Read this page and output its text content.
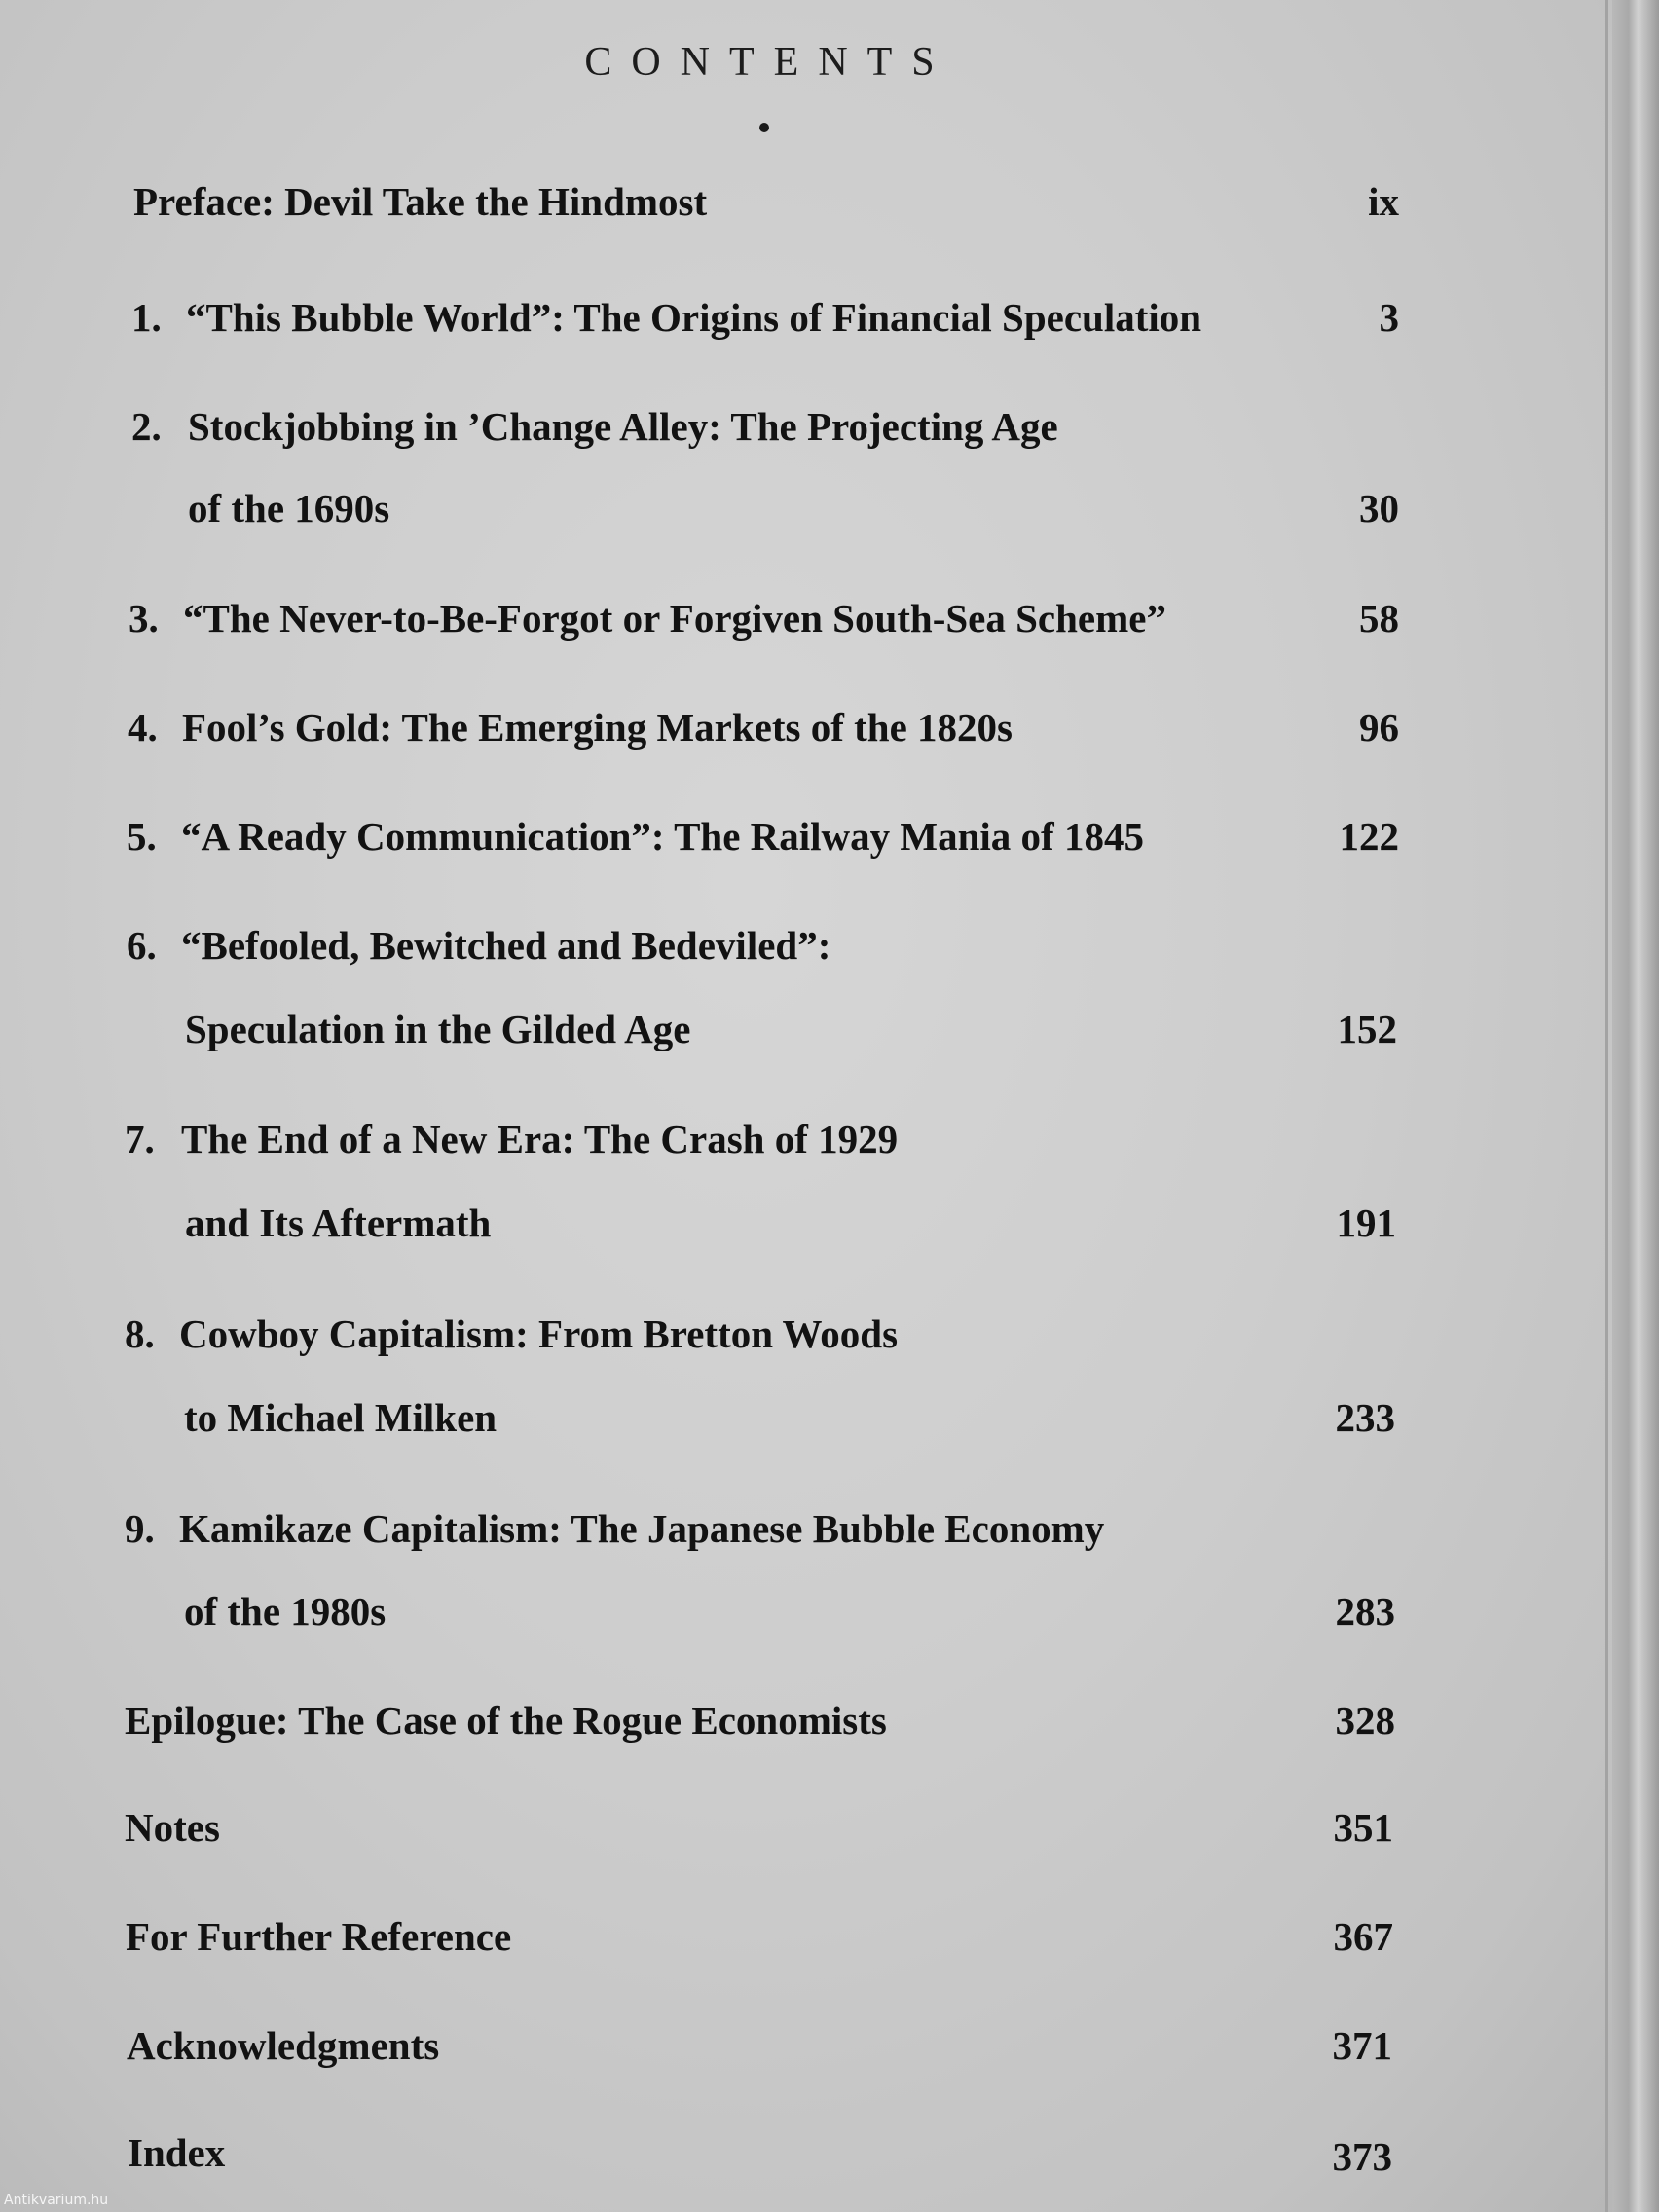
CONTENTS
Preface: Devil Take the Hindmost	ix
1. “This Bubble World”: The Origins of Financial Speculation	3
2. Stockjobbing in ’Change Alley: The Projecting Age
of the 1690s	30
3. “The Never-to-Be-Forgot or Forgiven South-Sea Scheme”	58
4. Fool’s Gold: The Emerging Markets of the 1820s	96
5. “A Ready Communication”: The Railway Mania of 1845	122
6. “Befooled, Bewitched and Bedeviled”:
Speculation in the Gilded Age	152
7. The End of a New Era: The Crash of 1929
and Its Aftermath	191
8. Cowboy Capitalism: From Bretton Woods
to Michael Milken	233
9. Kamikaze Capitalism: The Japanese Bubble Economy
of the 1980s	283
Epilogue: The Case of the Rogue Economists	328
Notes	351
For Further Reference	367
Acknowledgments	371
Index	373
Antikvarium.hu
